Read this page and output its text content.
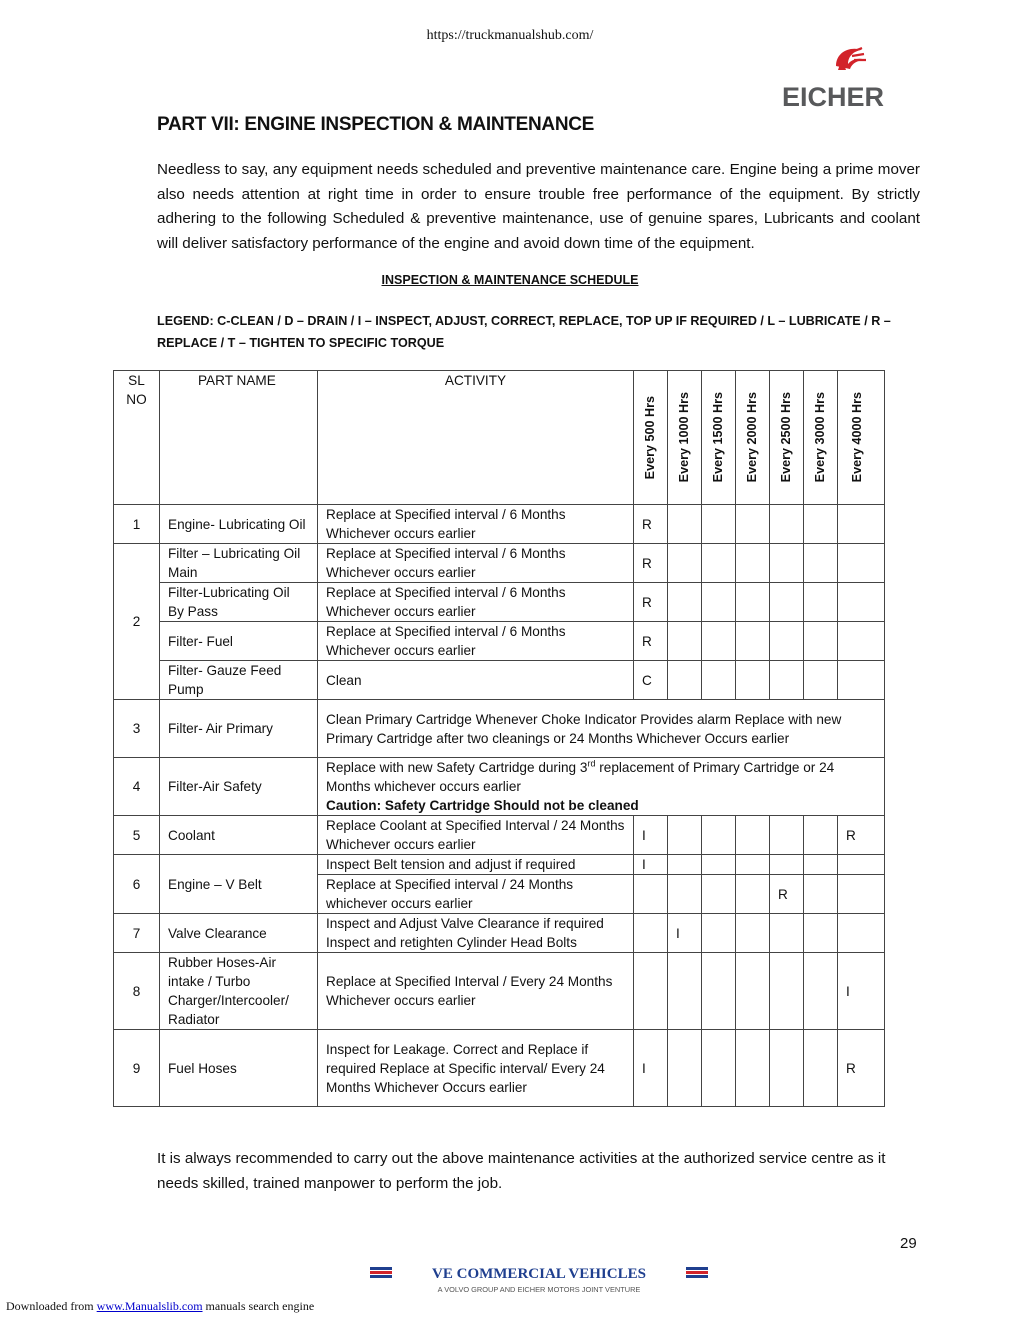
https://truckmanualshub.com/
EICHER
PART VII: ENGINE INSPECTION & MAINTENANCE
Needless to say, any equipment needs scheduled and preventive maintenance care. Engine being a prime mover also needs attention at right time in order to ensure trouble free performance of the equipment. By strictly adhering to the following Scheduled & preventive maintenance, use of genuine spares, Lubricants and coolant will deliver satisfactory performance of the engine and avoid down time of the equipment.
INSPECTION & MAINTENANCE SCHEDULE
LEGEND: C-CLEAN / D – DRAIN / I – INSPECT, ADJUST, CORRECT, REPLACE, TOP UP IF REQUIRED / L – LUBRICATE / R – REPLACE / T – TIGHTEN TO SPECIFIC TORQUE
SL NO	PART NAME	ACTIVITY	Every 500 Hrs	Every 1000 Hrs	Every 1500 Hrs	Every 2000 Hrs	Every 2500 Hrs	Every 3000 Hrs	Every 4000 Hrs

1	Engine- Lubricating Oil	Replace at Specified interval / 6 Months Whichever occurs earlier	R						
2	Filter – Lubricating Oil Main	Replace at Specified interval / 6 Months Whichever occurs earlier	R						
	Filter-Lubricating Oil By Pass	Replace at Specified interval / 6 Months Whichever occurs earlier	R						
	Filter- Fuel	Replace at Specified interval / 6 Months Whichever occurs earlier	R						
	Filter- Gauze Feed Pump	Clean	C						
3	Filter- Air Primary	Clean Primary Cartridge Whenever Choke Indicator Provides alarm Replace with new Primary Cartridge after two cleanings or 24 Months Whichever Occurs earlier							
4	Filter-Air Safety	Replace with new Safety Cartridge during 3rd replacement of Primary Cartridge or 24 Months whichever occurs earlier
Caution: Safety Cartridge Should not be cleaned							
5	Coolant	Replace Coolant at Specified Interval / 24 Months Whichever occurs earlier	I						R
6	Engine – V Belt	Inspect Belt tension and adjust if required	I						
		Replace at Specified interval / 24 Months whichever occurs earlier					R		
7	Valve Clearance	Inspect and Adjust Valve Clearance if required Inspect and retighten Cylinder Head Bolts		I					
8	Rubber Hoses-Air intake / Turbo Charger/Intercooler/ Radiator	Replace at Specified Interval / Every 24 Months Whichever occurs earlier							I
9	Fuel Hoses	Inspect for Leakage. Correct and Replace if required Replace at Specific interval/ Every 24 Months Whichever Occurs earlier	I						R
It is always recommended to carry out the above maintenance activities at the authorized service centre as it needs skilled, trained manpower to perform the job.
29
VE COMMERCIAL VEHICLES
A VOLVO GROUP AND EICHER MOTORS JOINT VENTURE
Downloaded from www.Manualslib.com manuals search engine
